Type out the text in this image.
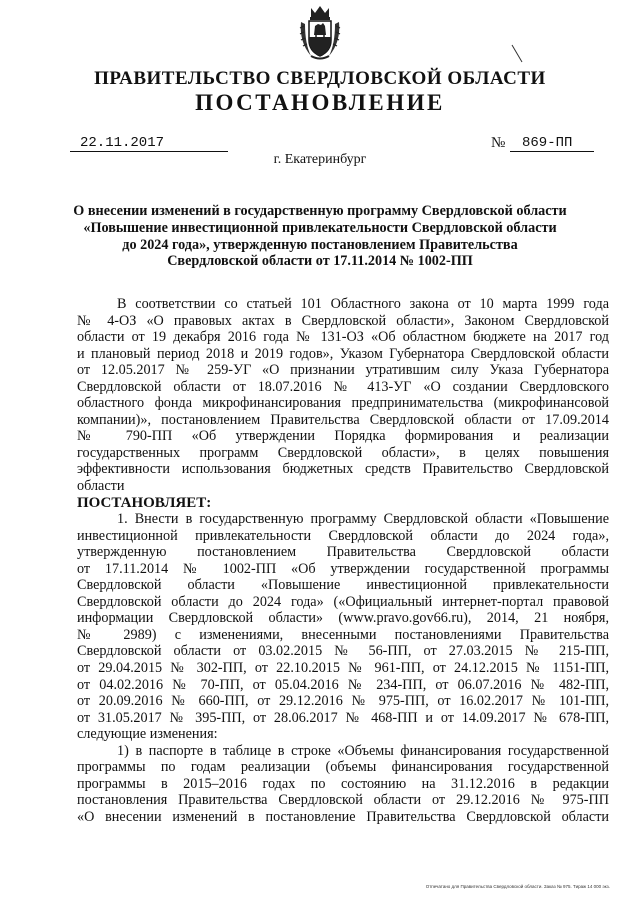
ПРАВИТЕЛЬСТВО СВЕРДЛОВСКОЙ ОБЛАСТИ
ПОСТАНОВЛЕНИЕ
22.11.2017	№	869-ПП

г. Екатеринбург

О внесении изменений в государственную программу Свердловской области
«Повышение инвестиционной привлекательности Свердловской области
до 2024 года», утвержденную постановлением Правительства
Свердловской области от 17.11.2014 № 1002-ПП
В соответствии со статьей 101 Областного закона от 10 марта 1999 года
№ 4-ОЗ «О правовых актах в Свердловской области», Законом Свердловской
области от 19 декабря 2016 года № 131-ОЗ «Об областном бюджете на 2017 год
и плановый период 2018 и 2019 годов», Указом Губернатора Свердловской области
от 12.05.2017 № 259-УГ «О признании утратившим силу Указа Губернатора
Свердловской области от 18.07.2016 № 413-УГ «О создании Свердловского
областного фонда микрофинансирования предпринимательства (микрофинансовой
компании)», постановлением Правительства Свердловской области от 17.09.2014
№ 790-ПП «Об утверждении Порядка формирования и реализации
государственных программ Свердловской области», в целях повышения
эффективности использования бюджетных средств Правительство Свердловской
области
ПОСТАНОВЛЯЕТ:
1. Внести в государственную программу Свердловской области «Повышение
инвестиционной привлекательности Свердловской области до 2024 года»,
утвержденную постановлением Правительства Свердловской области
от 17.11.2014 № 1002-ПП «Об утверждении государственной программы
Свердловской области «Повышение инвестиционной привлекательности
Свердловской области до 2024 года» («Официальный интернет-портал правовой
информации Свердловской области» (www.pravo.gov66.ru), 2014, 21 ноября,
№ 2989) с изменениями, внесенными постановлениями Правительства
Свердловской области от 03.02.2015 № 56-ПП, от 27.03.2015 № 215-ПП,
от 29.04.2015 № 302-ПП, от 22.10.2015 № 961-ПП, от 24.12.2015 № 1151-ПП,
от 04.02.2016 № 70-ПП, от 05.04.2016 № 234-ПП, от 06.07.2016 № 482-ПП,
от 20.09.2016 № 660-ПП, от 29.12.2016 № 975-ПП, от 16.02.2017 № 101-ПП,
от 31.05.2017 № 395-ПП, от 28.06.2017 № 468-ПП и от 14.09.2017 № 678-ПП,
следующие изменения:
1) в паспорте в таблице в строке «Объемы финансирования государственной
программы по годам реализации (объемы финансирования государственной
программы в 2015–2016 годах по состоянию на 31.12.2016 в редакции
постановления Правительства Свердловской области от 29.12.2016 № 975-ПП
«О внесении изменений в постановление Правительства Свердловской области
Отпечатано для Правительства Свердловской области. Заказ № 975. Тираж 14 000 экз.
